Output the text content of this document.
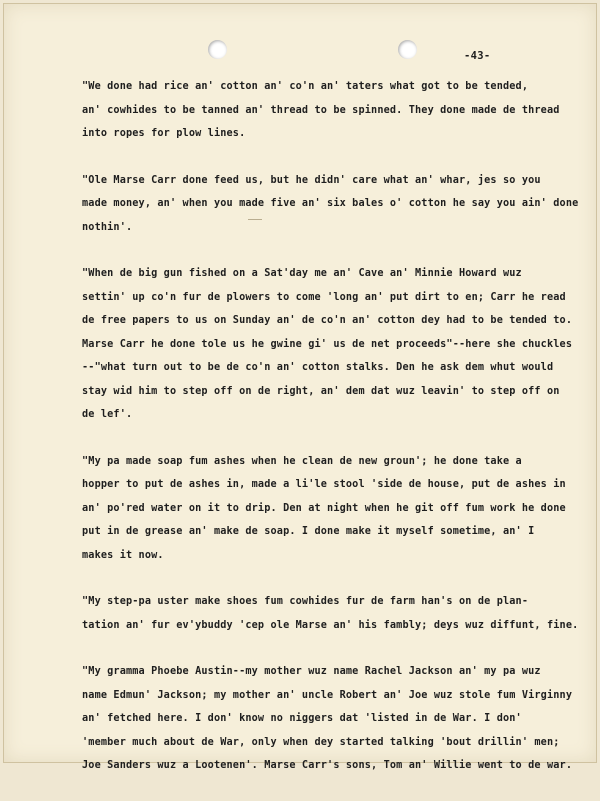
-43-

"We done had rice an' cotton an' co'n an' taters what got to be tended,
an' cowhides to be tanned an' thread to be spinned. They done made de thread
into ropes for plow lines.

"Ole Marse Carr done feed us, but he didn' care what an' whar, jes so you
made money, an' when you made five an' six bales o' cotton he say you ain' done
nothin'.

"When de big gun fished on a Sat'day me an' Cave an' Minnie Howard wuz
settin' up co'n fur de plowers to come 'long an' put dirt to en; Carr he read
de free papers to us on Sunday an' de co'n an' cotton dey had to be tended to.
Marse Carr he done tole us he gwine gi' us de net proceeds"--here she chuckles
--"what turn out to be de co'n an' cotton stalks. Den he ask dem whut would
stay wid him to step off on de right, an' dem dat wuz leavin' to step off on
de lef'.

"My pa made soap fum ashes when he clean de new groun'; he done take a
hopper to put de ashes in, made a li'le stool 'side de house, put de ashes in
an' po'red water on it to drip. Den at night when he git off fum work he done
put in de grease an' make de soap. I done make it myself sometime, an' I
makes it now.

"My step-pa uster make shoes fum cowhides fur de farm han's on de plan-
tation an' fur ev'ybuddy 'cep ole Marse an' his fambly; deys wuz diffunt, fine.

"My gramma Phoebe Austin--my mother wuz name Rachel Jackson an' my pa wuz
name Edmun' Jackson; my mother an' uncle Robert an' Joe wuz stole fum Virginny
an' fetched here. I don' know no niggers dat 'listed in de War. I don'
'member much about de War, only when dey started talking 'bout drillin' men;
Joe Sanders wuz a Lootenen'. Marse Carr's sons, Tom an' Willie went to de war.
